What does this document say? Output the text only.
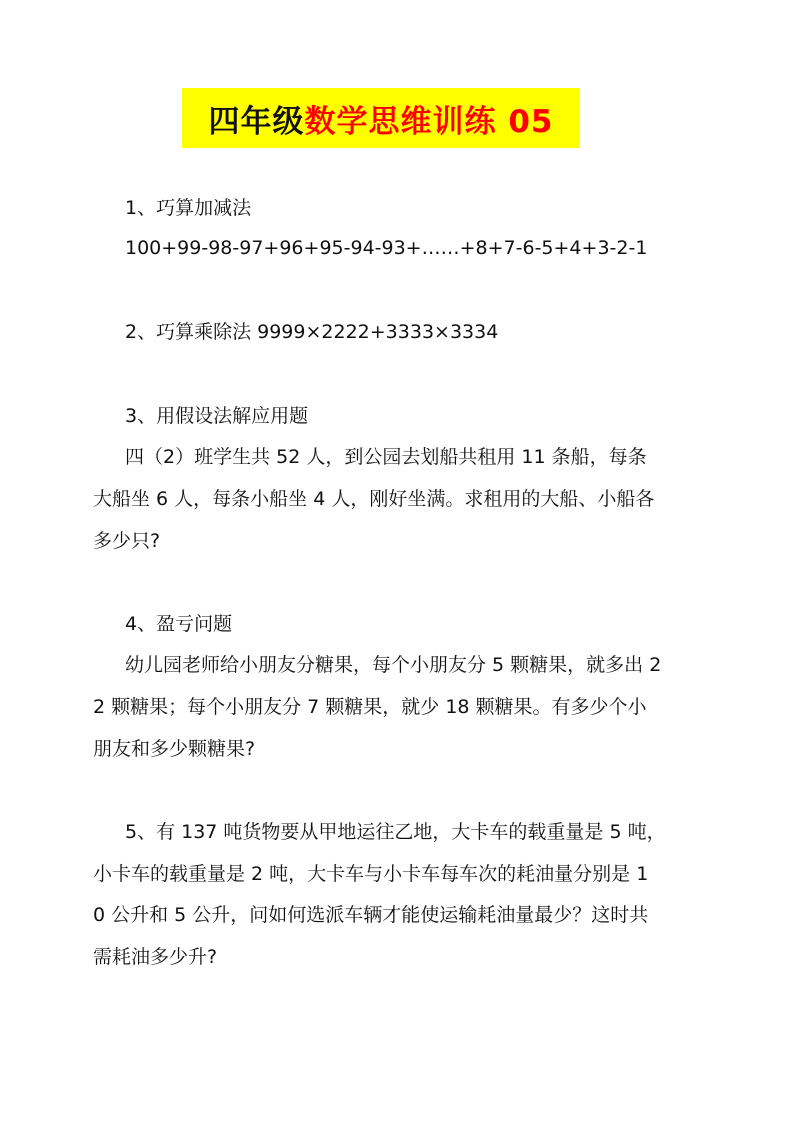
四年级数学思维训练 05
1、巧算加减法
100+99-98-97+96+95-94-93+……+8+7-6-5+4+3-2-1
2、巧算乘除法 9999×2222+3333×3334
3、用假设法解应用题
四（2）班学生共 52 人，到公园去划船共租用 11 条船，每条
大船坐 6 人，每条小船坐 4 人，刚好坐满。求租用的大船、小船各
多少只?
4、盈亏问题
幼儿园老师给小朋友分糖果，每个小朋友分 5 颗糖果，就多出 2
2 颗糖果；每个小朋友分 7 颗糖果，就少 18 颗糖果。有多少个小
朋友和多少颗糖果?
5、有 137 吨货物要从甲地运往乙地，大卡车的载重量是 5 吨，
小卡车的载重量是 2 吨，大卡车与小卡车每车次的耗油量分别是 1
0 公升和 5 公升，问如何选派车辆才能使运输耗油量最少？这时共
需耗油多少升?
